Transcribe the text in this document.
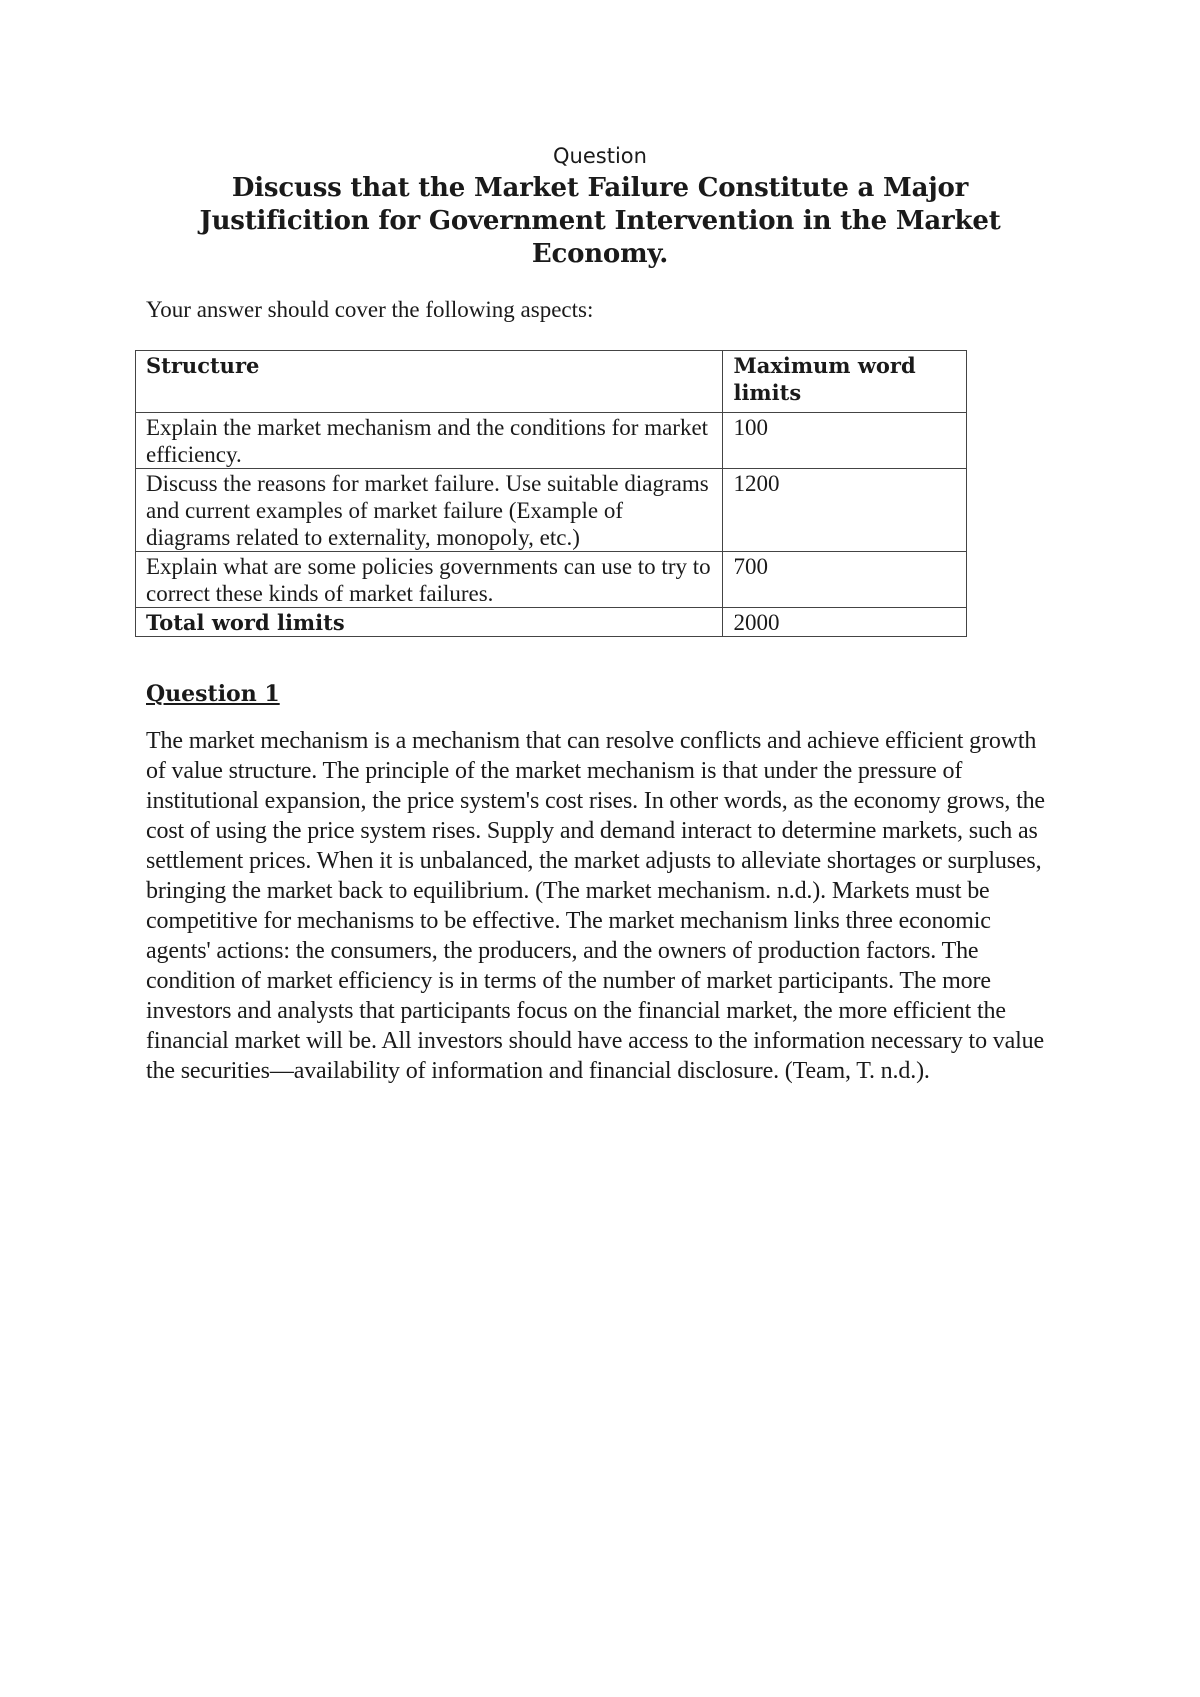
Question
Discuss that the Market Failure Constitute a Major Justificition for Government Intervention in the Market Economy.
Your answer should cover the following aspects:
Structure	Maximum word limits
Explain the market mechanism and the conditions for market efficiency.	100
Discuss the reasons for market failure. Use suitable diagrams and current examples of market failure (Example of diagrams related to externality, monopoly, etc.)	1200
Explain what are some policies governments can use to try to correct these kinds of market failures.	700
Total word limits	2000
Question 1
The market mechanism is a mechanism that can resolve conflicts and achieve efficient growth of value structure. The principle of the market mechanism is that under the pressure of institutional expansion, the price system's cost rises. In other words, as the economy grows, the cost of using the price system rises. Supply and demand interact to determine markets, such as settlement prices. When it is unbalanced, the market adjusts to alleviate shortages or surpluses, bringing the market back to equilibrium. (The market mechanism. n.d.). Markets must be competitive for mechanisms to be effective. The market mechanism links three economic agents' actions: the consumers, the producers, and the owners of production factors. The condition of market efficiency is in terms of the number of market participants. The more investors and analysts that participants focus on the financial market, the more efficient the financial market will be. All investors should have access to the information necessary to value the securities—availability of information and financial disclosure. (Team, T. n.d.).
